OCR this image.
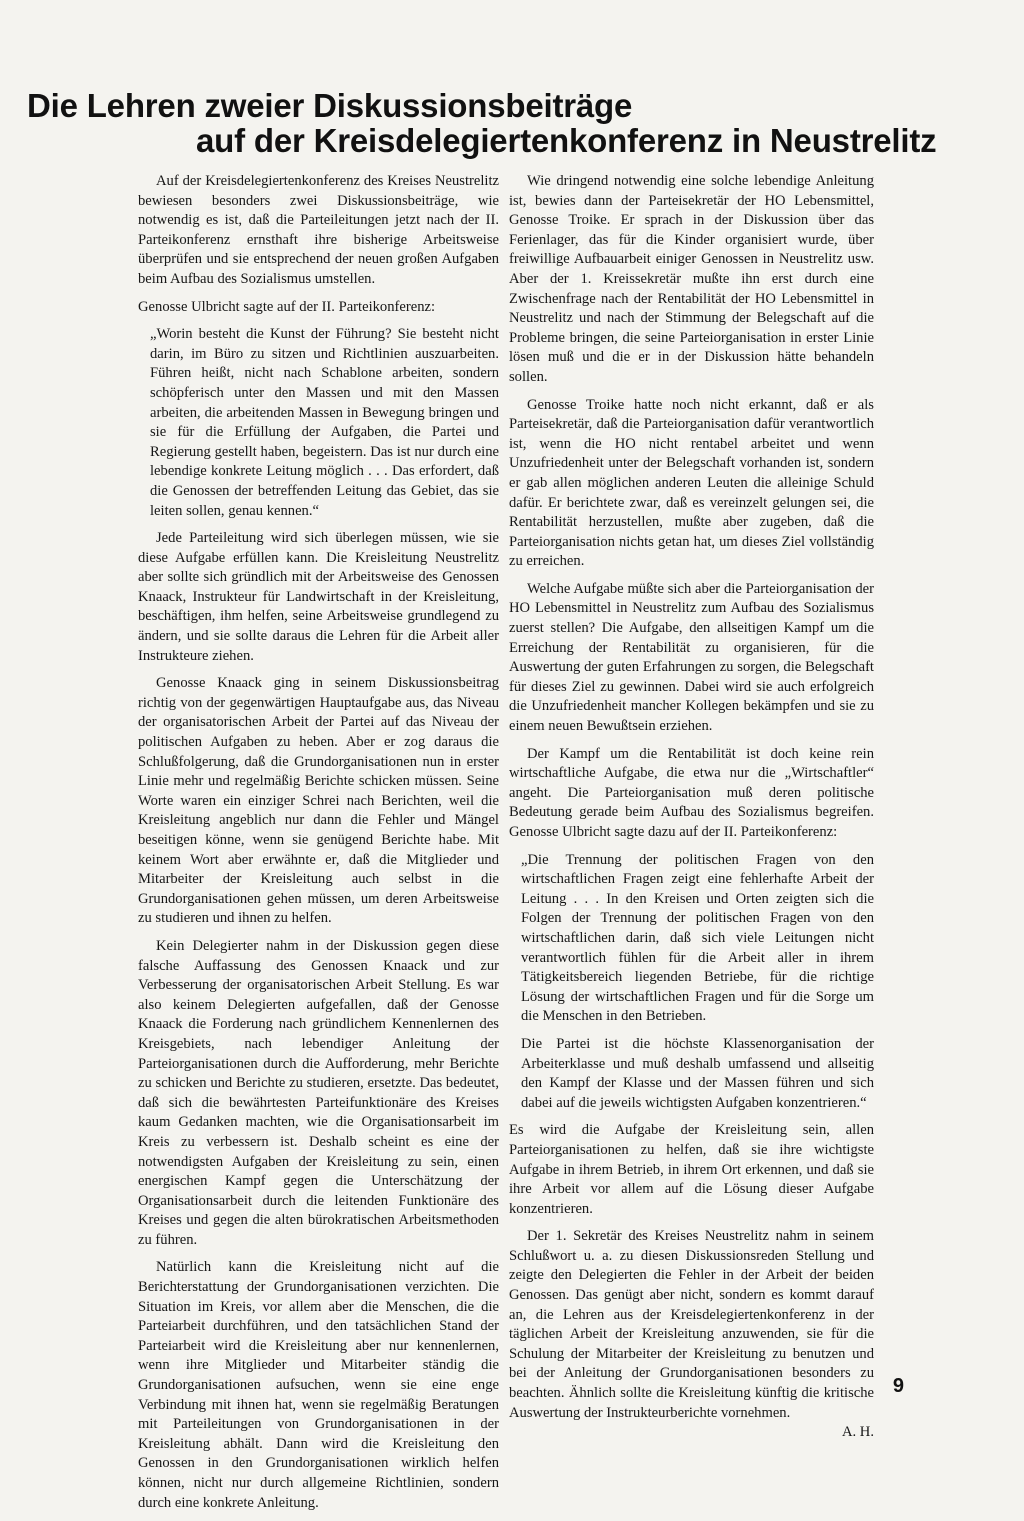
Die Lehren zweier Diskussionsbeiträge
auf der Kreisdelegiertenkonferenz in Neustrelitz

Auf der Kreisdelegiertenkonferenz des Kreises Neustrelitz bewiesen besonders zwei Diskussionsbeiträge, wie notwendig es ist, daß die Parteileitungen jetzt nach der II. Parteikonferenz ernsthaft ihre bisherige Arbeitsweise überprüfen und sie entsprechend der neuen großen Aufgaben beim Aufbau des Sozialismus umstellen.

Genosse Ulbricht sagte auf der II. Parteikonferenz:

„Worin besteht die Kunst der Führung? Sie besteht nicht darin, im Büro zu sitzen und Richtlinien auszuarbeiten. Führen heißt, nicht nach Schablone arbeiten, sondern schöpferisch unter den Massen und mit den Massen arbeiten, die arbeitenden Massen in Bewegung bringen und sie für die Erfüllung der Aufgaben, die Partei und Regierung gestellt haben, begeistern. Das ist nur durch eine lebendige konkrete Leitung möglich . . . Das erfordert, daß die Genossen der betreffenden Leitung das Gebiet, das sie leiten sollen, genau kennen.“

Jede Parteileitung wird sich überlegen müssen, wie sie diese Aufgabe erfüllen kann. Die Kreisleitung Neustrelitz aber sollte sich gründlich mit der Arbeitsweise des Genossen Knaack, Instrukteur für Landwirtschaft in der Kreisleitung, beschäftigen, ihm helfen, seine Arbeitsweise grundlegend zu ändern, und sie sollte daraus die Lehren für die Arbeit aller Instrukteure ziehen.

Genosse Knaack ging in seinem Diskussionsbeitrag richtig von der gegenwärtigen Hauptaufgabe aus, das Niveau der organisatorischen Arbeit der Partei auf das Niveau der politischen Aufgaben zu heben. Aber er zog daraus die Schlußfolgerung, daß die Grundorganisationen nun in erster Linie mehr und regelmäßig Berichte schicken müssen. Seine Worte waren ein einziger Schrei nach Berichten, weil die Kreisleitung angeblich nur dann die Fehler und Mängel beseitigen könne, wenn sie genügend Berichte habe. Mit keinem Wort aber erwähnte er, daß die Mitglieder und Mitarbeiter der Kreisleitung auch selbst in die Grundorganisationen gehen müssen, um deren Arbeitsweise zu studieren und ihnen zu helfen.

Kein Delegierter nahm in der Diskussion gegen diese falsche Auffassung des Genossen Knaack und zur Verbesserung der organisatorischen Arbeit Stellung. Es war also keinem Delegierten aufgefallen, daß der Genosse Knaack die Forderung nach gründlichem Kennenlernen des Kreisgebiets, nach lebendiger Anleitung der Parteiorganisationen durch die Aufforderung, mehr Berichte zu schicken und Berichte zu studieren, ersetzte. Das bedeutet, daß sich die bewährtesten Parteifunktionäre des Kreises kaum Gedanken machten, wie die Organisationsarbeit im Kreis zu verbessern ist. Deshalb scheint es eine der notwendigsten Aufgaben der Kreisleitung zu sein, einen energischen Kampf gegen die Unterschätzung der Organisationsarbeit durch die leitenden Funktionäre des Kreises und gegen die alten bürokratischen Arbeitsmethoden zu führen.

Natürlich kann die Kreisleitung nicht auf die Berichterstattung der Grundorganisationen verzichten. Die Situation im Kreis, vor allem aber die Menschen, die die Parteiarbeit durchführen, und den tatsächlichen Stand der Parteiarbeit wird die Kreisleitung aber nur kennenlernen, wenn ihre Mitglieder und Mitarbeiter ständig die Grundorganisationen aufsuchen, wenn sie eine enge Verbindung mit ihnen hat, wenn sie regelmäßig Beratungen mit Parteileitungen von Grundorganisationen in der Kreisleitung abhält. Dann wird die Kreisleitung den Genossen in den Grundorganisationen wirklich helfen können, nicht nur durch allgemeine Richtlinien, sondern durch eine konkrete Anleitung.

Wie dringend notwendig eine solche lebendige Anleitung ist, bewies dann der Parteisekretär der HO Lebensmittel, Genosse Troike. Er sprach in der Diskussion über das Ferienlager, das für die Kinder organisiert wurde, über freiwillige Aufbauarbeit einiger Genossen in Neustrelitz usw. Aber der 1. Kreissekretär mußte ihn erst durch eine Zwischenfrage nach der Rentabilität der HO Lebensmittel in Neustrelitz und nach der Stimmung der Belegschaft auf die Probleme bringen, die seine Parteiorganisation in erster Linie lösen muß und die er in der Diskussion hätte behandeln sollen.

Genosse Troike hatte noch nicht erkannt, daß er als Parteisekretär, daß die Parteiorganisation dafür verantwortlich ist, wenn die HO nicht rentabel arbeitet und wenn Unzufriedenheit unter der Belegschaft vorhanden ist, sondern er gab allen möglichen anderen Leuten die alleinige Schuld dafür. Er berichtete zwar, daß es vereinzelt gelungen sei, die Rentabilität herzustellen, mußte aber zugeben, daß die Parteiorganisation nichts getan hat, um dieses Ziel vollständig zu erreichen.

Welche Aufgabe müßte sich aber die Parteiorganisation der HO Lebensmittel in Neustrelitz zum Aufbau des Sozialismus zuerst stellen? Die Aufgabe, den allseitigen Kampf um die Erreichung der Rentabilität zu organisieren, für die Auswertung der guten Erfahrungen zu sorgen, die Belegschaft für dieses Ziel zu gewinnen. Dabei wird sie auch erfolgreich die Unzufriedenheit mancher Kollegen bekämpfen und sie zu einem neuen Bewußtsein erziehen.

Der Kampf um die Rentabilität ist doch keine rein wirtschaftliche Aufgabe, die etwa nur die „Wirtschaftler“ angeht. Die Parteiorganisation muß deren politische Bedeutung gerade beim Aufbau des Sozialismus begreifen. Genosse Ulbricht sagte dazu auf der II. Parteikonferenz:

„Die Trennung der politischen Fragen von den wirtschaftlichen Fragen zeigt eine fehlerhafte Arbeit der Leitung . . . In den Kreisen und Orten zeigten sich die Folgen der Trennung der politischen Fragen von den wirtschaftlichen darin, daß sich viele Leitungen nicht verantwortlich fühlen für die Arbeit aller in ihrem Tätigkeitsbereich liegenden Betriebe, für die richtige Lösung der wirtschaftlichen Fragen und für die Sorge um die Menschen in den Betrieben.

Die Partei ist die höchste Klassenorganisation der Arbeiterklasse und muß deshalb umfassend und allseitig den Kampf der Klasse und der Massen führen und sich dabei auf die jeweils wichtigsten Aufgaben konzentrieren.“

Es wird die Aufgabe der Kreisleitung sein, allen Parteiorganisationen zu helfen, daß sie ihre wichtigste Aufgabe in ihrem Betrieb, in ihrem Ort erkennen, und daß sie ihre Arbeit vor allem auf die Lösung dieser Aufgabe konzentrieren.

Der 1. Sekretär des Kreises Neustrelitz nahm in seinem Schlußwort u. a. zu diesen Diskussionsreden Stellung und zeigte den Delegierten die Fehler in der Arbeit der beiden Genossen. Das genügt aber nicht, sondern es kommt darauf an, die Lehren aus der Kreisdelegiertenkonferenz in der täglichen Arbeit der Kreisleitung anzuwenden, sie für die Schulung der Mitarbeiter der Kreisleitung zu benutzen und bei der Anleitung der Grundorganisationen besonders zu beachten. Ähnlich sollte die Kreisleitung künftig die kritische Auswertung der Instrukteurberichte vornehmen.

A. H.

9
